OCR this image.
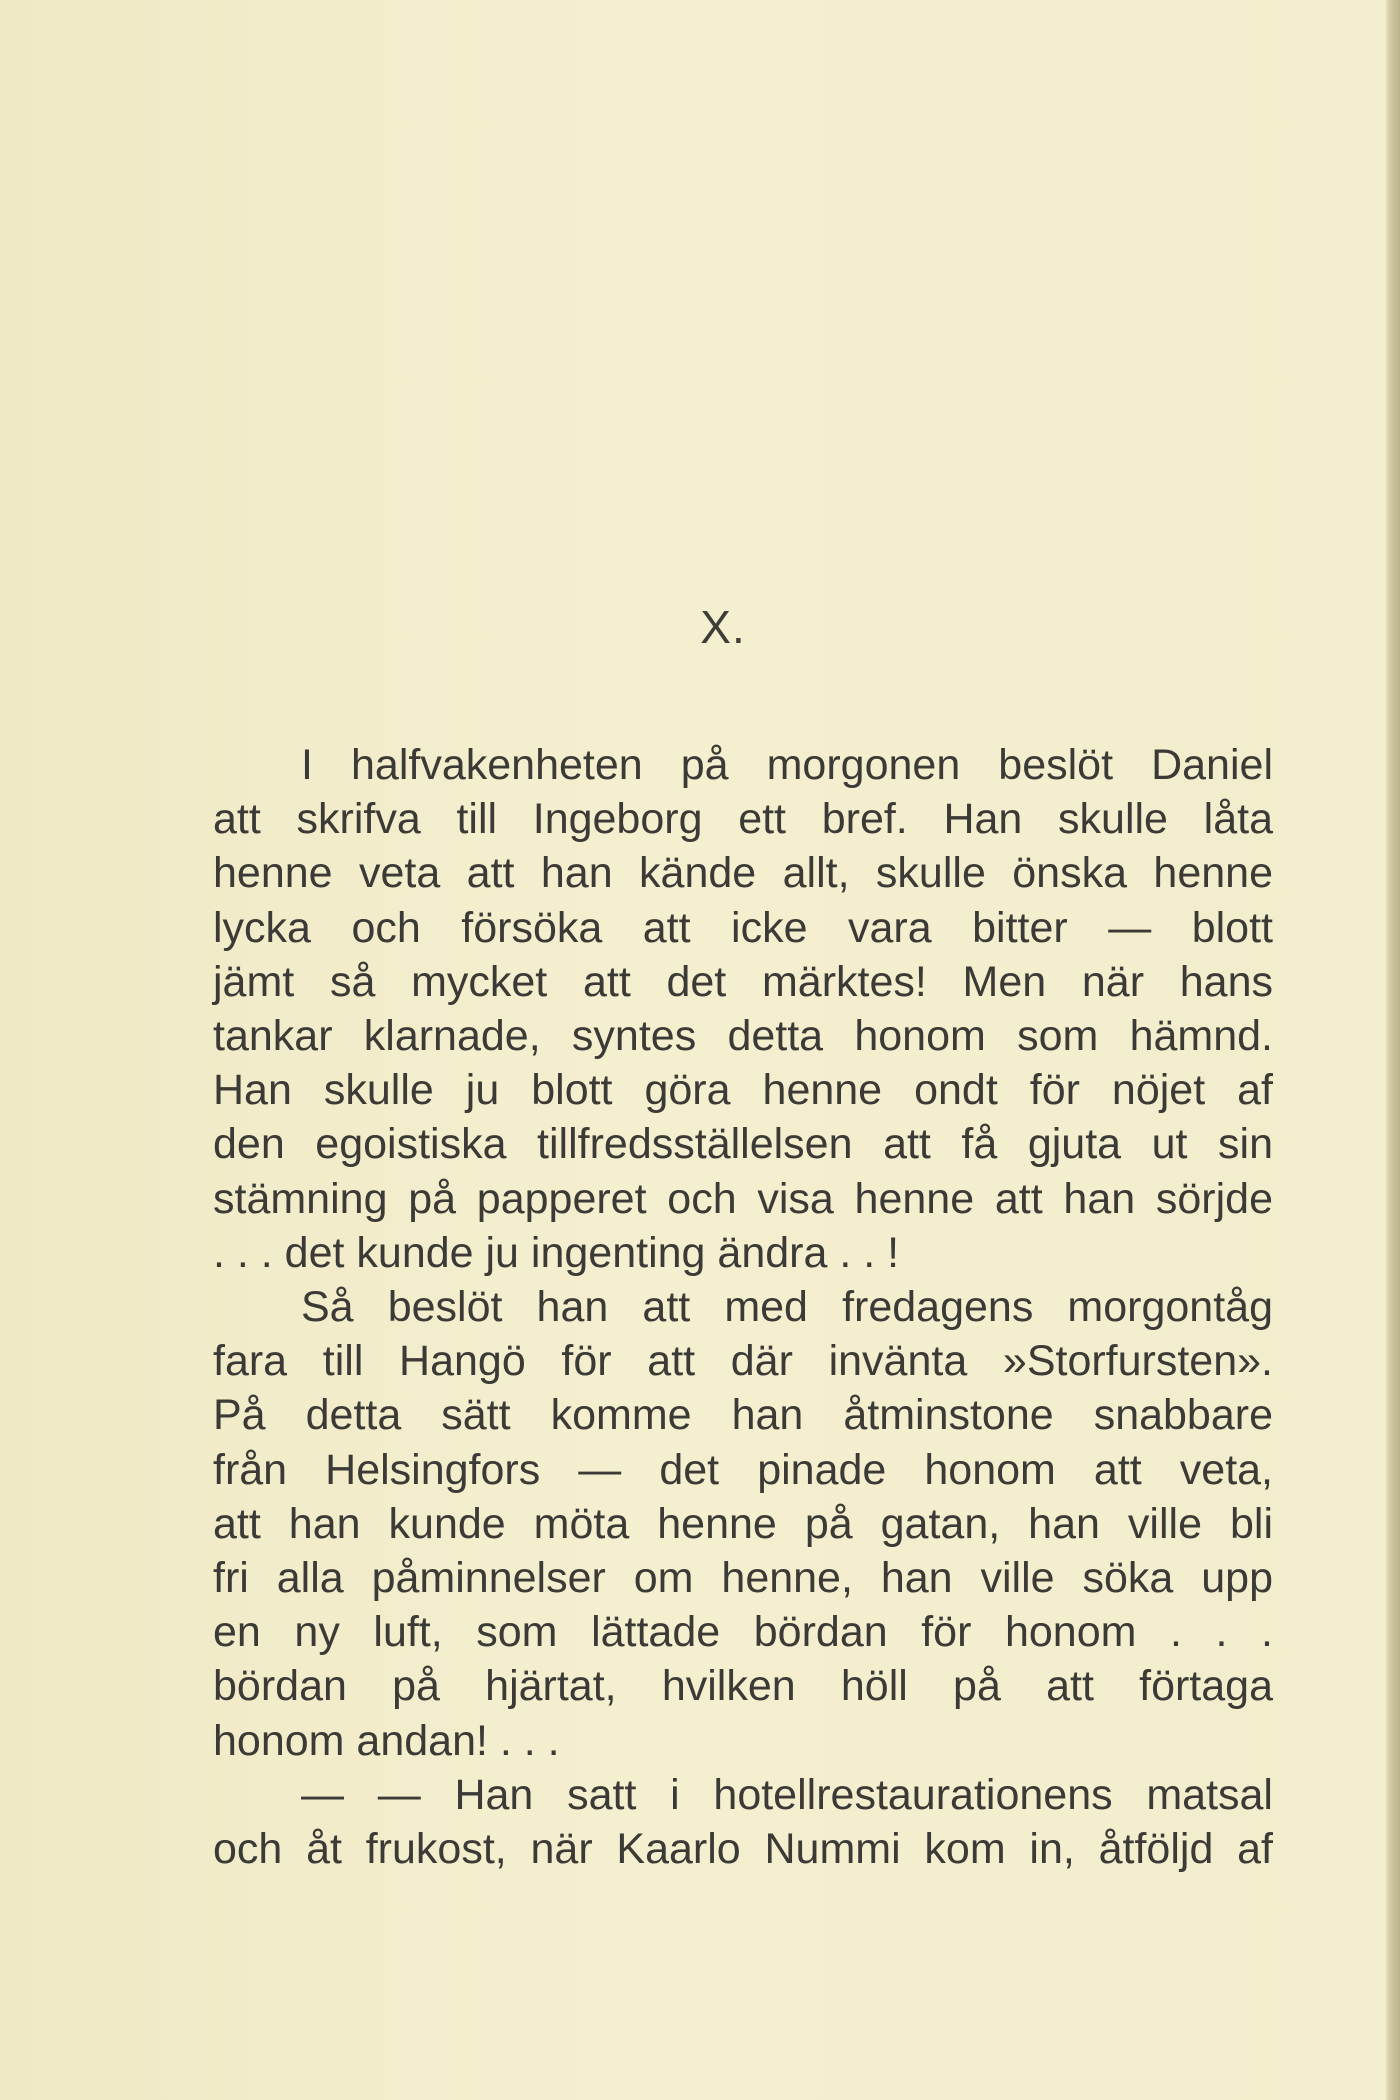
X.
I halfvakenheten på morgonen beslöt Daniel
att skrifva till Ingeborg ett bref. Han skulle låta
henne veta att han kände allt, skulle önska henne
lycka och försöka att icke vara bitter — blott
jämt så mycket att det märktes! Men när hans
tankar klarnade, syntes detta honom som hämnd.
Han skulle ju blott göra henne ondt för nöjet af
den egoistiska tillfredsställelsen att få gjuta ut sin
stämning på papperet och visa henne att han sörjde
. . . det kunde ju ingenting ändra . . !
Så beslöt han att med fredagens morgontåg
fara till Hangö för att där invänta »Storfursten».
På detta sätt komme han åtminstone snabbare
från Helsingfors — det pinade honom att veta,
att han kunde möta henne på gatan, han ville bli
fri alla påminnelser om henne, han ville söka upp
en ny luft, som lättade bördan för honom . . .
bördan på hjärtat, hvilken höll på att förtaga
honom andan! . . .
— — Han satt i hotellrestaurationens matsal
och åt frukost, när Kaarlo Nummi kom in, åtföljd af
